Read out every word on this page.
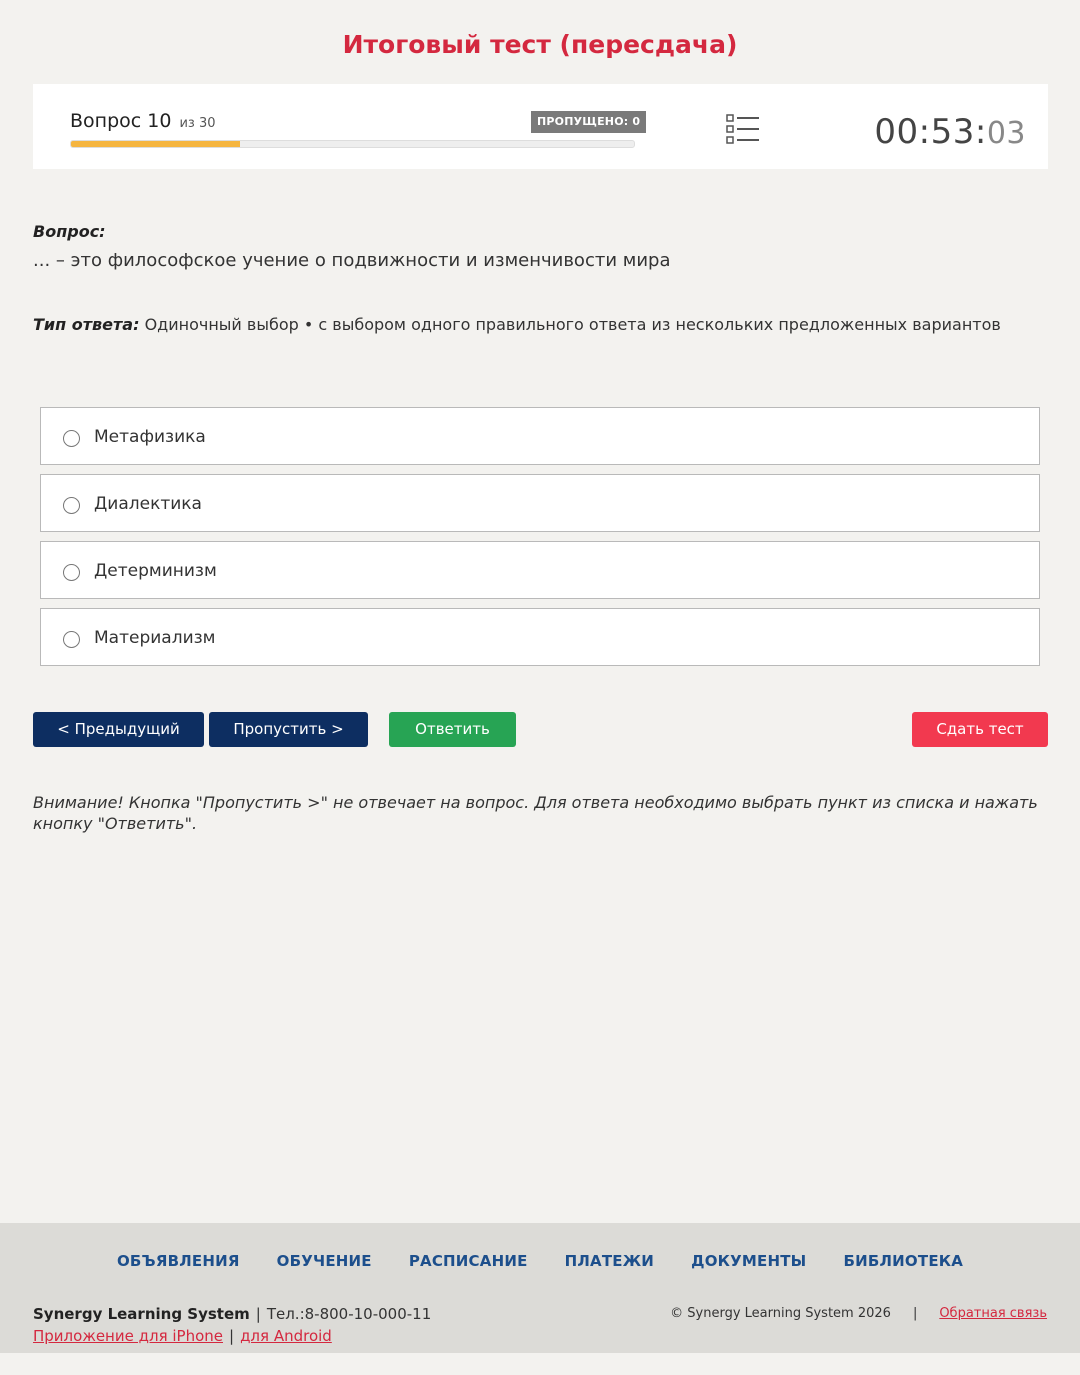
Итоговый тест (пересдача)
Вопрос 10 из 30	ПРОПУЩЕНО: 0	00:53:03
Вопрос:
... – это философское учение о подвижности и изменчивости мира
Тип ответа: Одиночный выбор • с выбором одного правильного ответа из нескольких предложенных вариантов
Метафизика
Диалектика
Детерминизм
Материализм
< Предыдущий	Пропустить >	Ответить	Сдать тест
Внимание! Кнопка "Пропустить >" не отвечает на вопрос. Для ответа необходимо выбрать пункт из списка и нажать кнопку "Ответить".
ОБЪЯВЛЕНИЯ ОБУЧЕНИЕ РАСПИСАНИЕ ПЛАТЕЖИ ДОКУМЕНТЫ БИБЛИОТЕКА
Synergy Learning System | Тел.:8-800-10-000-11
Приложение для iPhone | для Android
© Synergy Learning System 2026 | Обратная связь
